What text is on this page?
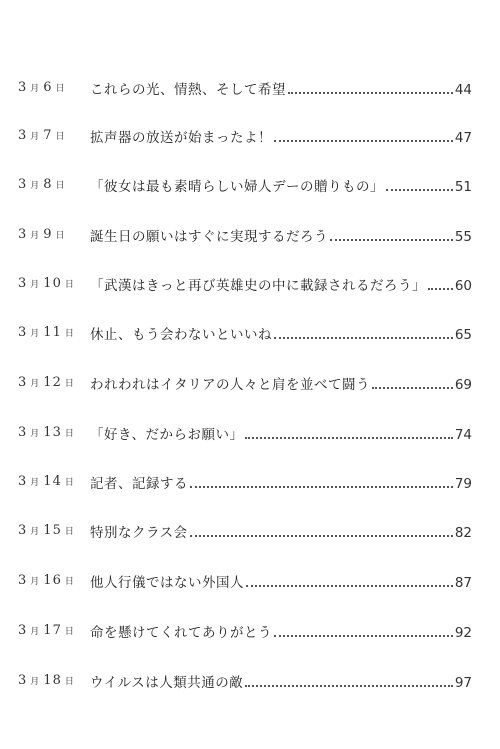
3 月 6 日 これらの光、情熱、そして希望	44
3 月 7 日 拡声器の放送が始まったよ！	47
3 月 8 日 「彼女は最も素晴らしい婦人デーの贈りもの」	51
3 月 9 日 誕生日の願いはすぐに実現するだろう	55
3 月 10 日 「武漢はきっと再び英雄史の中に載録されるだろう」 60
3 月 11 日 休止、もう会わないといいね	65
3 月 12 日 われわれはイタリアの人々と肩を並べて闘う	69
3 月 13 日 「好き、だからお願い」	74
3 月 14 日 記者、記録する	79
3 月 15 日 特別なクラス会	82
3 月 16 日 他人行儀ではない外国人	87
3 月 17 日 命を懸けてくれてありがとう	92
3 月 18 日 ウイルスは人類共通の敵	97
